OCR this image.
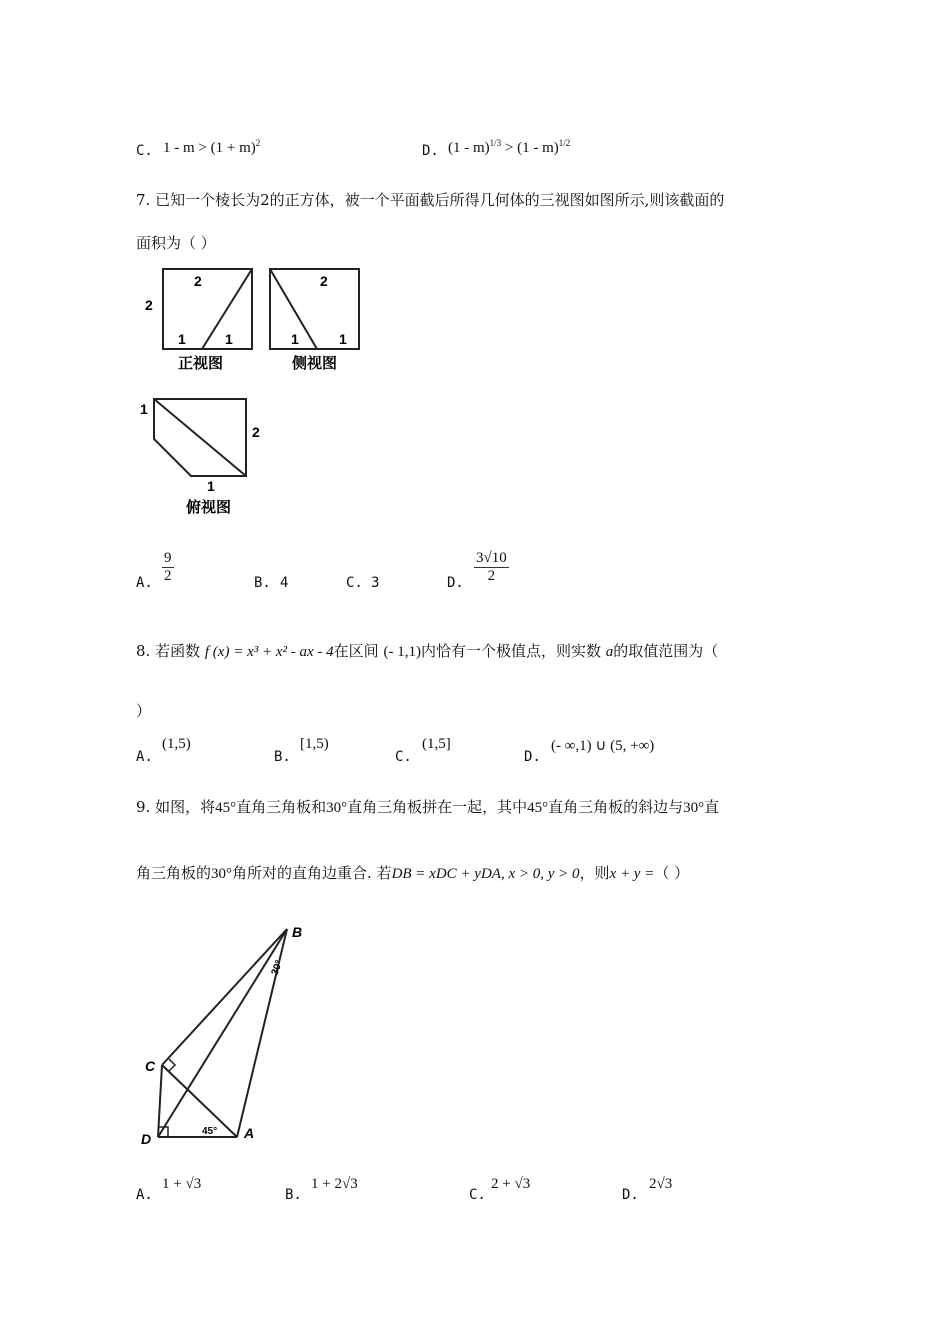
C. $1 - m > (1 + m)^2$	D. (1 - m)$^{1/3}$ > (1 - m)$^{1/2}$
7. 已知一个棱长为2的正方体，被一个平面截后所得几何体的三视图如图所示,则该截面的
面积为（ ）
2
2
1	1
正视图
2
1	1
侧视图
1
2
1
俯视图
A. $\frac{9}{2}$	B. 4	C. 3	D. $\frac{3√10}{2}$
8. 若函数 f (x) = x³ + x² - ax - 4在区间 (- 1,1)内恰有一个极值点，则实数 a的取值范围为（
）
A.
(1,5)
B.
[1,5)
C.
(1,5]
D.
(- ∞,1) ∪ (5, +∞)
9. 如图，将45°直角三角板和30°直角三角板拼在一起，其中45°直角三角板的斜边与30°直
角三角板的30°角所对的直角边重合. 若DB = xDC + yDA, x > 0, y > 0，则x + y =（ ）
B
C
D	A
30°
45°
A.
1 + √3
B.
1 + 2√3
C.
2 + √3
D.
2√3
